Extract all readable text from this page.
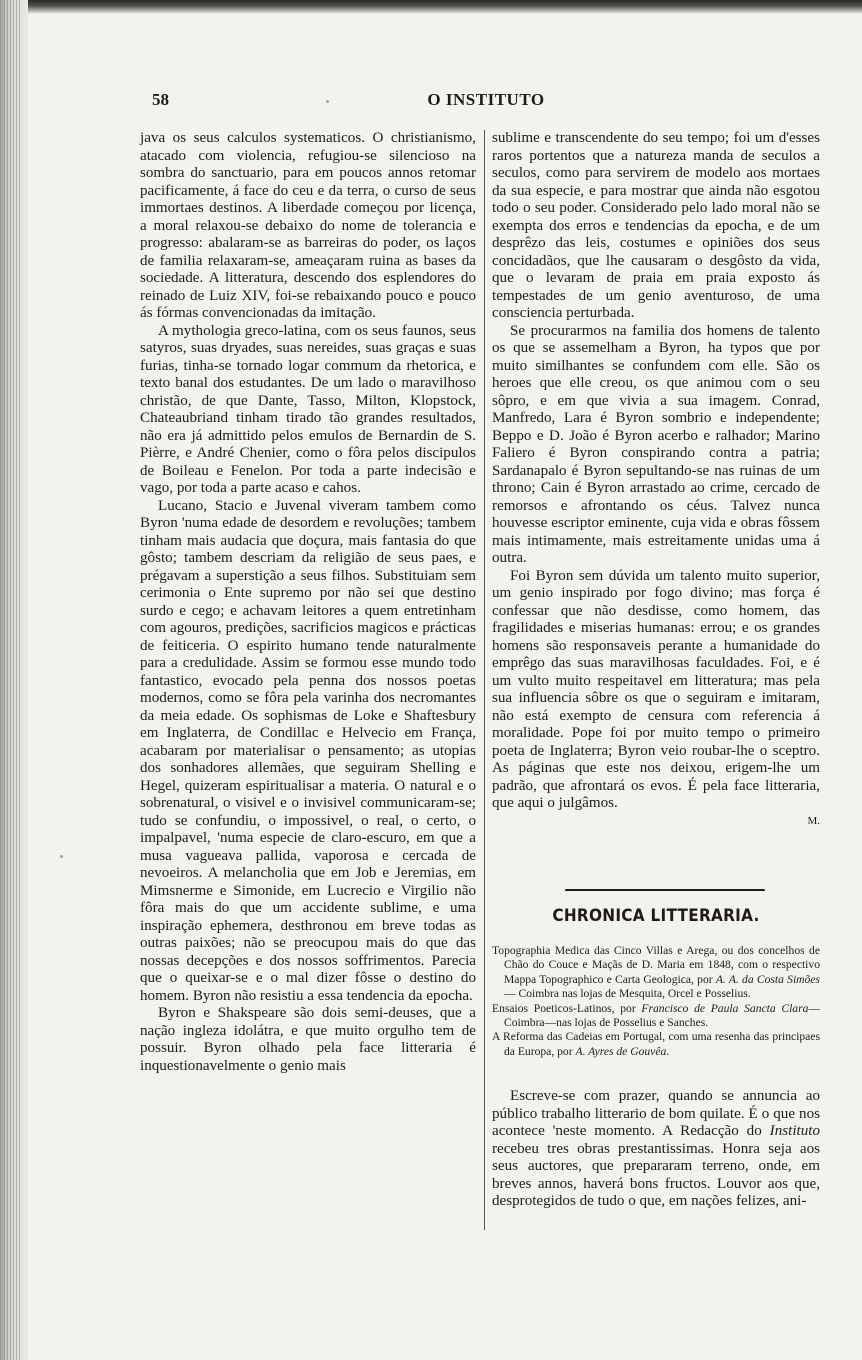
58	O INSTITUTO

java os seus calculos systematicos. O christianismo, atacado com violencia, refugiou-se silencioso na sombra do sanctuario, para em poucos annos retomar pacificamente, á face do ceu e da terra, o curso de seus immortaes destinos. A liberdade começou por licença, a moral relaxou-se debaixo do nome de tolerancia e progresso: abalaram-se as barreiras do poder, os laços de familia relaxaram-se, ameaçaram ruina as bases da sociedade. A litteratura, descendo dos esplendores do reinado de Luiz XIV, foi-se rebaixando pouco e pouco ás fórmas convencionadas da imitação.

A mythologia greco-latina, com os seus faunos, seus satyros, suas dryades, suas nereides, suas graças e suas furias, tinha-se tornado logar commum da rhetorica, e texto banal dos estudantes. De um lado o maravilhoso christão, de que Dante, Tasso, Milton, Klopstock, Chateaubriand tinham tirado tão grandes resultados, não era já admittido pelos emulos de Bernardin de S. Pièrre, e André Chenier, como o fôra pelos discipulos de Boileau e Fenelon. Por toda a parte indecisão e vago, por toda a parte acaso e cahos.

Lucano, Stacio e Juvenal viveram tambem como Byron 'numa edade de desordem e revoluções; tambem tinham mais audacia que doçura, mais fantasia do que gôsto; tambem descriam da religião de seus paes, e prégavam a superstição a seus filhos. Substituiam sem cerimonia o Ente supremo por não sei que destino surdo e cego; e achavam leitores a quem entretinham com agouros, predições, sacrificios magicos e prácticas de feiticeria. O espirito humano tende naturalmente para a credulidade. Assim se formou esse mundo todo fantastico, evocado pela penna dos nossos poetas modernos, como se fôra pela varinha dos necromantes da meia edade. Os sophismas de Loke e Shaftesbury em Inglaterra, de Condillac e Helvecio em França, acabaram por materialisar o pensamento; as utopias dos sonhadores allemães, que seguiram Shelling e Hegel, quizeram espiritualisar a materia. O natural e o sobrenatural, o visivel e o invisivel communicaram-se; tudo se confundiu, o impossivel, o real, o certo, o impalpavel, 'numa especie de claro-escuro, em que a musa vagueava pallida, vaporosa e cercada de nevoeiros. A melancholia que em Job e Jeremias, em Mimsnerme e Simonide, em Lucrecio e Virgilio não fôra mais do que um accidente sublime, e uma inspiração ephemera, desthronou em breve todas as outras paixões; não se preocupou mais do que das nossas decepções e dos nossos soffrimentos. Parecia que o queixar-se e o mal dizer fôsse o destino do homem. Byron não resistiu a essa tendencia da epocha.

Byron e Shakspeare são dois semi-deuses, que a nação ingleza idolátra, e que muito orgulho tem de possuir. Byron olhado pela face litteraria é inquestionavelmente o genio mais

sublime e transcendente do seu tempo; foi um d'esses raros portentos que a natureza manda de seculos a seculos, como para servirem de modelo aos mortaes da sua especie, e para mostrar que ainda não esgotou todo o seu poder. Considerado pelo lado moral não se exempta dos erros e tendencias da epocha, e de um desprêzo das leis, costumes e opiniões dos seus concidadãos, que lhe causaram o desgôsto da vida, que o levaram de praia em praia exposto ás tempestades de um genio aventuroso, de uma consciencia perturbada.

Se procurarmos na familia dos homens de talento os que se assemelham a Byron, ha typos que por muito similhantes se confundem com elle. São os heroes que elle creou, os que animou com o seu sôpro, e em que vivia a sua imagem. Conrad, Manfredo, Lara é Byron sombrio e independente; Beppo e D. João é Byron acerbo e ralhador; Marino Faliero é Byron conspirando contra a patria; Sardanapalo é Byron sepultando-se nas ruinas de um throno; Cain é Byron arrastado ao crime, cercado de remorsos e afrontando os céus. Talvez nunca houvesse escriptor eminente, cuja vida e obras fôssem mais intimamente, mais estreitamente unidas uma á outra.

Foi Byron sem dúvida um talento muito superior, um genio inspirado por fogo divino; mas força é confessar que não desdisse, como homem, das fragilidades e miserias humanas: errou; e os grandes homens são responsaveis perante a humanidade do emprêgo das suas maravilhosas faculdades. Foi, e é um vulto muito respeitavel em litteratura; mas pela sua influencia sôbre os que o seguiram e imitaram, não está exempto de censura com referencia á moralidade. Pope foi por muito tempo o primeiro poeta de Inglaterra; Byron veio roubar-lhe o sceptro. As páginas que este nos deixou, erigem-lhe um padrão, que afrontará os evos. É pela face litteraria, que aqui o julgâmos.

M.
CHRONICA LITTERARIA.

Topographia Medica das Cinco Villas e Arega, ou dos concelhos de Chão do Couce e Maçãs de D. Maria em 1848, com o respectivo Mappa Topographico e Carta Geologica, por A. A. da Costa Simões — Coimbra nas lojas de Mesquita, Orcel e Posselius.

Ensaios Poeticos-Latinos, por Francisco de Paula Sancta Clara—Coimbra—nas lojas de Posselius e Sanches.

A Reforma das Cadeias em Portugal, com uma resenha das principaes da Europa, por A. Ayres de Gouvêa.

Escreve-se com prazer, quando se annuncia ao público trabalho litterario de bom quilate. É o que nos acontece 'neste momento. A Redacção do Instituto recebeu tres obras prestantissimas. Honra seja aos seus auctores, que prepararam terreno, onde, em breves annos, haverá bons fructos. Louvor aos que, desprotegidos de tudo o que, em nações felizes, ani-
